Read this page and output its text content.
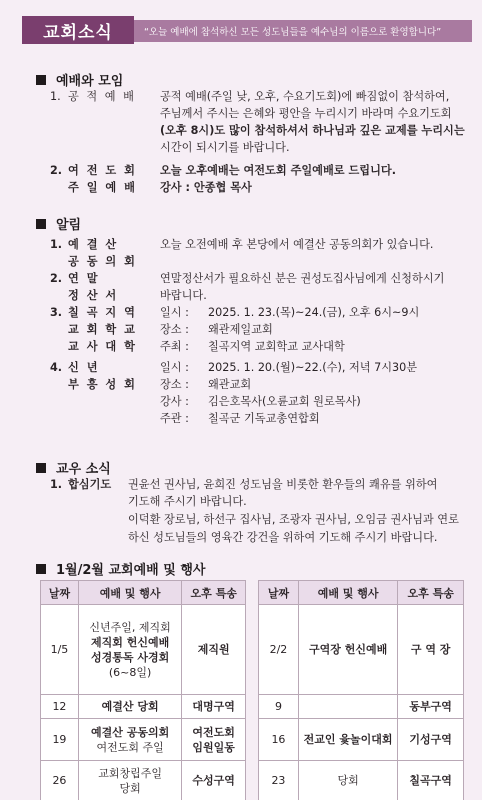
교회소식	“오늘 예배에 참석하신 모든 성도님들을 예수님의 이름으로 환영합니다”
예배와 모임
1. 공 적 예 배	공적 예배(주일 낮, 오후, 수요기도회)에 빠짐없이 참석하여,
주님께서 주시는 은혜와 평안을 누리시기 바라며 수요기도회
(오후 8시)도 많이 참석하셔서 하나님과 깊은 교제를 누리시는
시간이 되시기를 바랍니다.
2. 여 전 도 회	오늘 오후예배는 여전도회 주일예배로 드립니다.
주 일 예 배	강사 : 안종협 목사
알림
1. 예 결 산	오늘 오전예배 후 본당에서 예결산 공동의회가 있습니다.
공 동 의 회
2. 연 말	연말정산서가 필요하신 분은 권성도집사님에게 신청하시기
정 산 서	바랍니다.
3. 칠 곡 지 역	일시 :	2025. 1. 23.(목)~24.(금), 오후 6시~9시
교 회 학 교	장소 :	왜관제일교회
교 사 대 학	주최 :	칠곡지역 교회학교 교사대학
4. 신 년	일시 :	2025. 1. 20.(월)~22.(수), 저녁 7시30분
부 흥 성 회	장소 :	왜관교회
강사 :	김은호목사(오륜교회 원로목사)
주관 :	칠곡군 기독교총연합회
교우 소식
1. 합심기도	권윤선 권사님, 윤희진 성도님을 비롯한 환우들의 쾌유를 위하여
기도해 주시기 바랍니다.
이덕환 장로님, 하선구 집사님, 조광자 권사님, 오임금 권사님과 연로
하신 성도님들의 영육간 강건을 위하여 기도해 주시기 바랍니다.
1월/2월 교회예배 및 행사
날짜	예배 및 행사	오후 특송
1/5	신년주일, 제직회
제직회 헌신예배
성경통독 사경회
(6~8일)	제직원
12	예결산 당회	대명구역
19	예결산 공동의회
여전도회 주일	여전도회 임원일동
26	교회창립주일
당회	수성구역
날짜	예배 및 행사	오후 특송
2/2	구역장 헌신예배	구 역 장
9		동부구역
16	전교인 윷놀이대회	기성구역
23	당회	칠곡구역
